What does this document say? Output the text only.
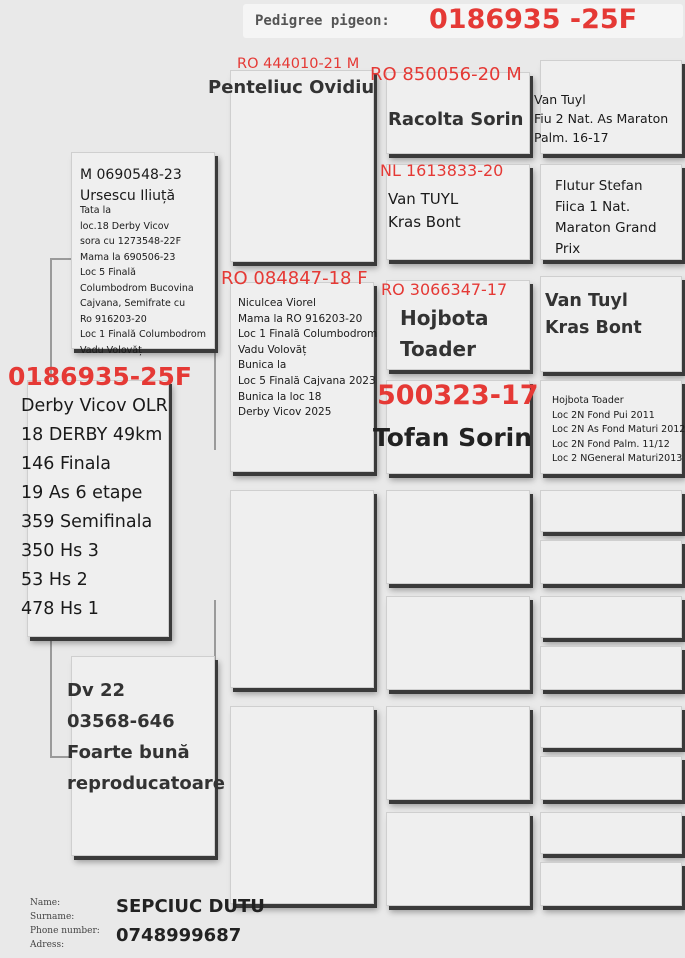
Pedigree pigeon: 0186935 -25F
M 0690548-23
Ursescu Iliuță
Tata la
loc.18 Derby Vicov
sora cu 1273548-22F
Mama la 690506-23
Loc 5 Finală
Columbodrom Bucovina
Cajvana, Semifrate cu
Ro 916203-20
Loc 1 Finală Columbodrom
Vadu Volovăț
0186935-25F
Derby Vicov OLR
18 DERBY 49km
146 Finala
19 As 6 etape
359 Semifinala
350 Hs 3
53 Hs 2
478 Hs 1
Dv 22
03568-646
Foarte bună
reproducatoare
RO 444010-21 M
Penteliuc Ovidiu
RO 084847-18 F
Niculcea Viorel
Mama la RO 916203-20
Loc 1 Finală Columbodrom
Vadu Volovăț
Bunica la
Loc 5 Finală Cajvana 2023
Bunica la loc 18
Derby Vicov 2025
RO 850056-20 M
Racolta Sorin
NL 1613833-20
Van TUYL
Kras Bont
RO 3066347-17
Hojbota
Toader
500323-17
Tofan Sorin
Van Tuyl
Fiu 2 Nat. As Maraton
Palm. 16-17
Flutur Stefan
Fiica 1 Nat.
Maraton Grand
Prix
Van Tuyl
Kras Bont
Hojbota Toader
Loc 2N Fond Pui 2011
Loc 2N As Fond Maturi 2012
Loc 2N Fond Palm. 11/12
Loc 2 NGeneral Maturi2013
Name:
Surname:
Phone number:
Adress:
SEPCIUC DUTU
0748999687
